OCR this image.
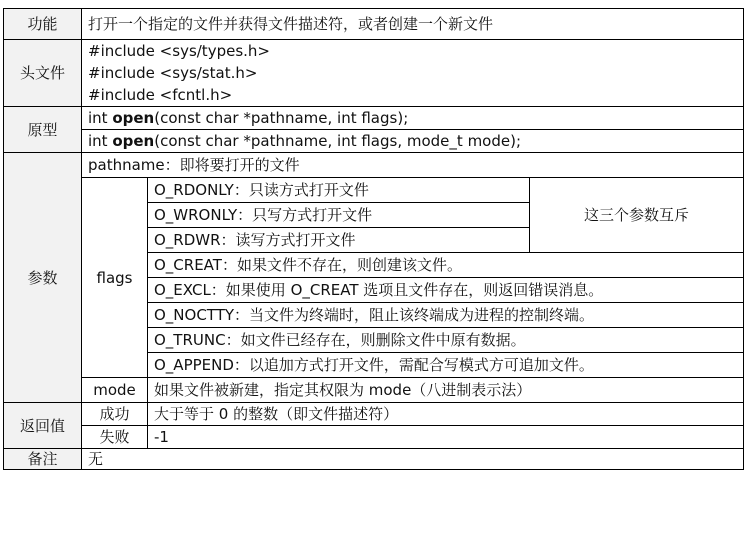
功能	打开一个指定的文件并获得文件描述符，或者创建一个新文件		
头文件	#include <sys/types.h>		
	#include <sys/stat.h>		
	#include <fcntl.h>		
原型	int open(const char *pathname, int flags);		
	int open(const char *pathname, int flags, mode_t mode);		
参数	pathname：即将要打开的文件		
	flags	O_RDONLY：只读方式打开文件	这三个参数互斥
		O_WRONLY：只写方式打开文件	
		O_RDWR：读写方式打开文件	
		O_CREAT：如果文件不存在，则创建该文件。	
		O_EXCL：如果使用 O_CREAT 选项且文件存在，则返回错误消息。	
		O_NOCTTY：当文件为终端时，阻止该终端成为进程的控制终端。	
		O_TRUNC：如文件已经存在，则删除文件中原有数据。	
		O_APPEND：以追加方式打开文件，需配合写模式方可追加文件。	
	mode	如果文件被新建，指定其权限为 mode（八进制表示法）	
返回值	成功	大于等于 0 的整数（即文件描述符）	
	失败	-1	
备注	无		
